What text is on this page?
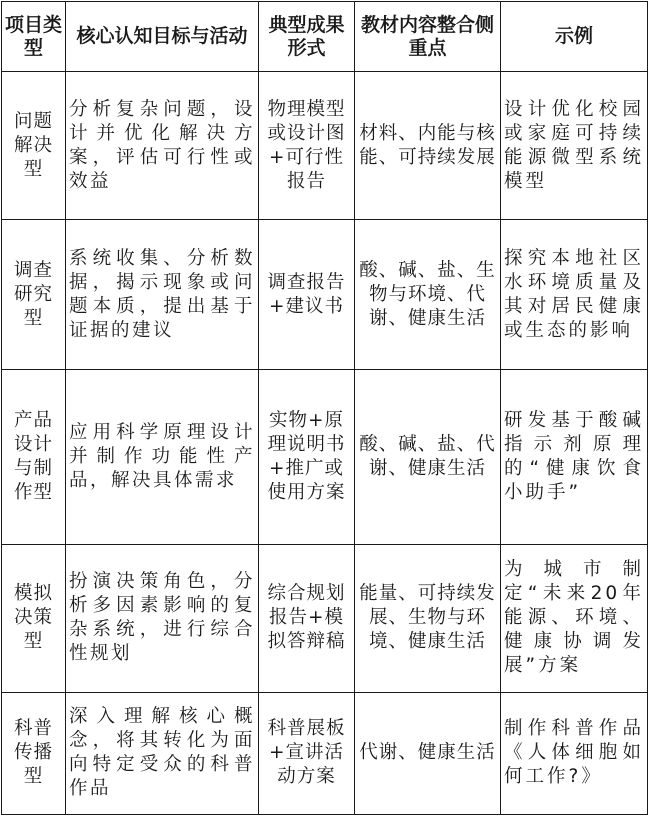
项目类型	核心认知目标与活动	典型成果形式	教材内容整合侧重点	示例

问题解决型	分析复杂问题，设计并优化解决方案，评估可行性或效益	物理模型或设计图+可行性报告	材料、内能与核能、可持续发展	设计优化校园或家庭可持续能源微型系统模型

调查研究型	系统收集、分析数据，揭示现象或问题本质，提出基于证据的建议	调查报告+建议书	酸、碱、盐、生物与环境、代谢、健康生活	探究本地社区水环境质量及其对居民健康或生态的影响

产品设计与制作型	应用科学原理设计并制作功能性产品，解决具体需求	实物+原理说明书+推广或使用方案	酸、碱、盐、代谢、健康生活	研发基于酸碱指示剂原理的“健康饮食小助手”

模拟决策型	扮演决策角色，分析多因素影响的复杂系统，进行综合性规划	综合规划报告+模拟答辩稿	能量、可持续发展、生物与环境、健康生活	为城市制定“未来20年能源、环境、健康协调发展”方案

科普传播型	深入理解核心概念，将其转化为面向特定受众的科普作品	科普展板+宣讲活动方案	代谢、健康生活	制作科普作品《人体细胞如何工作?》
